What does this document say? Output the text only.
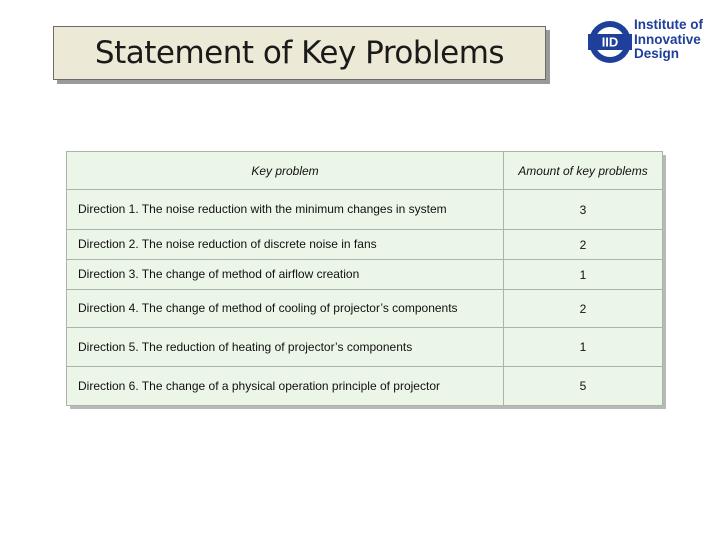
Statement of Key Problems	IID
Institute of
Innovative
Design
Key problem	Amount of key problems
Direction 1. The noise reduction with the minimum changes in system	3
Direction 2. The noise reduction of discrete noise in fans	2
Direction 3. The change of method of airflow creation	1
Direction 4. The change of method of cooling of projector’s components	2
Direction 5. The reduction of heating of projector’s components	1
Direction 6. The change of a physical operation principle of projector	5
